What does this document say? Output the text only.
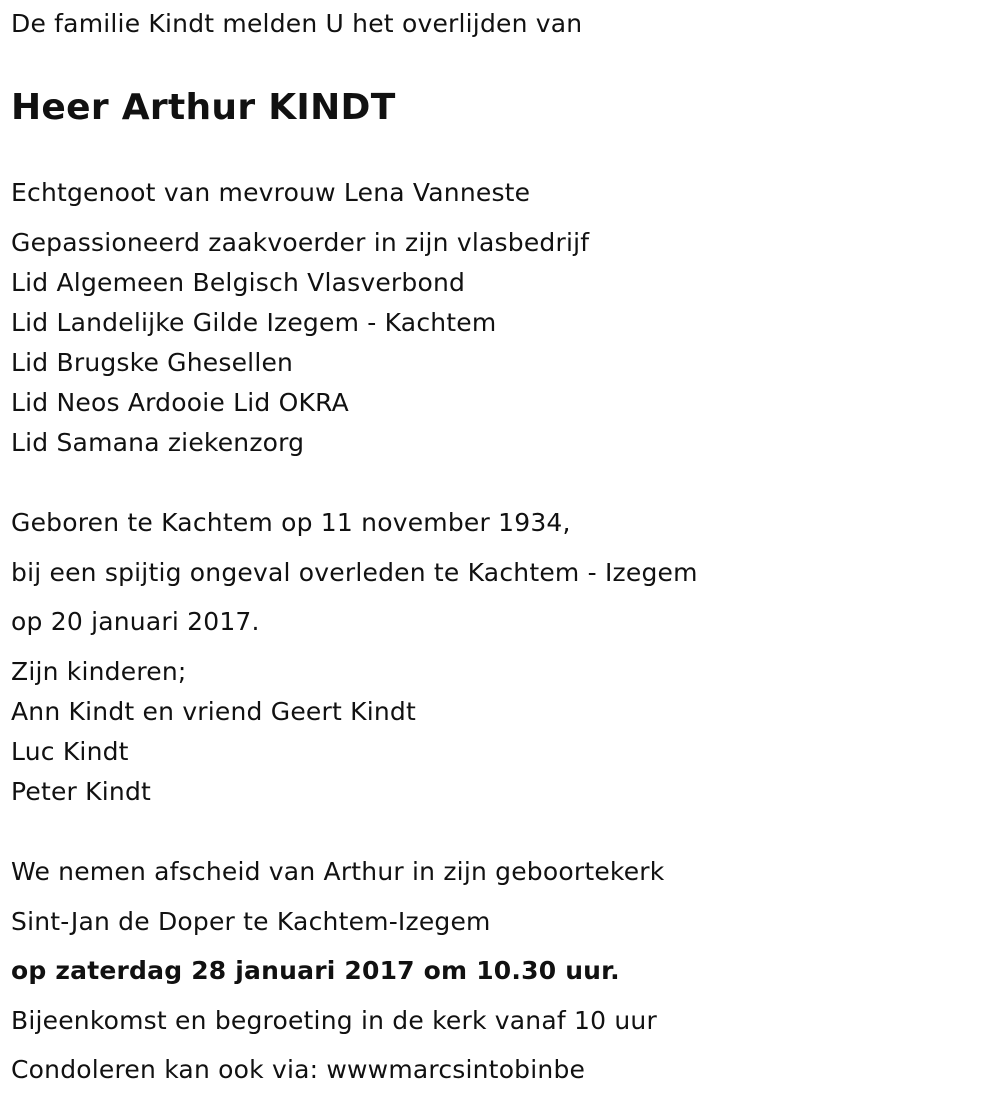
De familie Kindt melden U het overlijden van
Heer Arthur KINDT
Echtgenoot van mevrouw Lena Vanneste
Gepassioneerd zaakvoerder in zijn vlasbedrijf
Lid Algemeen Belgisch Vlasverbond
Lid Landelijke Gilde Izegem - Kachtem
Lid Brugske Ghesellen
Lid Neos Ardooie Lid OKRA
Lid Samana ziekenzorg
Geboren te Kachtem op 11 november 1934,
bij een spijtig ongeval overleden te Kachtem - Izegem
op 20 januari 2017.
Zijn kinderen;
Ann Kindt en vriend Geert Kindt
Luc Kindt
Peter Kindt
We nemen afscheid van Arthur in zijn geboortekerk
Sint-Jan de Doper te Kachtem-Izegem
op zaterdag 28 januari 2017 om 10.30 uur.
Bijeenkomst en begroeting in de kerk vanaf 10 uur
Condoleren kan ook via: wwwmarcsintobinbe
